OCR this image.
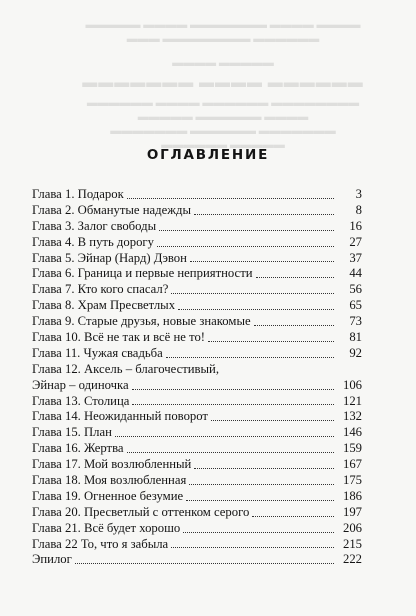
▬▬▬▬▬ ▬▬▬▬ ▬▬▬▬▬▬▬ ▬▬▬▬ ▬▬▬▬
▬▬▬ ▬▬▬▬▬▬▬▬ ▬▬▬▬▬▬
▬▬▬▬ ▬▬▬▬▬
▬▬▬▬▬▬▬ ▬▬▬▬ ▬▬▬▬▬▬
▬▬▬▬▬▬ ▬▬▬▬ ▬▬▬▬▬▬ ▬▬▬▬▬▬▬▬
▬▬▬▬▬ ▬▬▬▬▬▬ ▬▬▬▬
▬▬▬▬▬▬▬ ▬▬▬▬▬▬ ▬▬▬▬▬▬▬
▬▬▬▬▬▬ ▬▬▬▬▬
ОГЛАВЛЕНИЕ
Глава 1. Подарок	3
Глава 2. Обманутые надежды	8
Глава 3. Залог свободы	16
Глава 4. В путь дорогу	27
Глава 5. Эйнар (Нард) Дэвон	37
Глава 6. Граница и первые неприятности	44
Глава 7. Кто кого спасал?	56
Глава 8. Храм Пресветлых	65
Глава 9. Старые друзья, новые знакомые	73
Глава 10. Всё не так и всё не то!	81
Глава 11. Чужая свадьба	92
Глава 12. Аксель – благочестивый,
Эйнар – одиночка	106
Глава 13. Столица	121
Глава 14. Неожиданный поворот	132
Глава 15. План	146
Глава 16. Жертва	159
Глава 17. Мой возлюбленный	167
Глава 18. Моя возлюбленная	175
Глава 19. Огненное безумие	186
Глава 20. Пресветлый с оттенком серого	197
Глава 21. Всё будет хорошо	206
Глава 22 То, что я забыла	215
Эпилог	222
